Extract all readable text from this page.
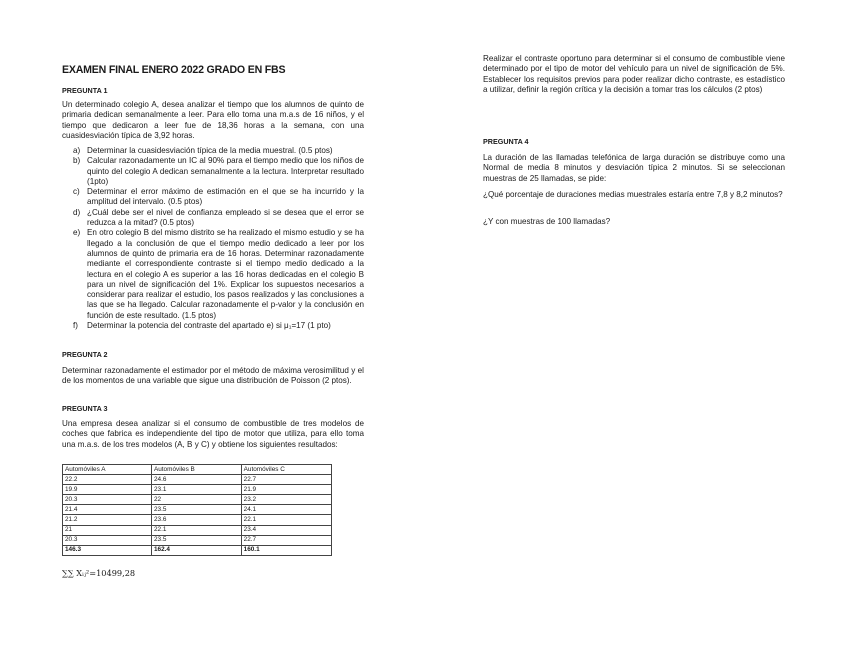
EXAMEN FINAL ENERO 2022 GRADO EN FBS
PREGUNTA 1
Un determinado colegio A, desea analizar el tiempo que los alumnos de quinto de primaria dedican semanalmente a leer. Para ello toma una m.a.s de 16 niños, y el tiempo que dedicaron a leer fue de 18,36 horas a la semana, con una cuasidesviación típica de 3,92 horas.
a) Determinar la cuasidesviación típica de la media muestral. (0.5 ptos)
b) Calcular razonadamente un IC al 90% para el tiempo medio que los niños de quinto del colegio A dedican semanalmente a la lectura. Interpretar resultado (1pto)
c) Determinar el error máximo de estimación en el que se ha incurrido y la amplitud del intervalo. (0.5 ptos)
d) ¿Cuál debe ser el nivel de confianza empleado si se desea que el error se reduzca a la mitad? (0.5 ptos)
e) En otro colegio B del mismo distrito se ha realizado el mismo estudio y se ha llegado a la conclusión de que el tiempo medio dedicado a leer por los alumnos de quinto de primaria era de 16 horas. Determinar razonadamente mediante el correspondiente contraste si el tiempo medio dedicado a la lectura en el colegio A es superior a las 16 horas dedicadas en el colegio B para un nivel de significación del 1%. Explicar los supuestos necesarios a considerar para realizar el estudio, los pasos realizados y las conclusiones a las que se ha llegado. Calcular razonadamente el p-valor y la conclusión en función de este resultado. (1.5 ptos)
f) Determinar la potencia del contraste del apartado e) si μ₁=17 (1 pto)
PREGUNTA 2
Determinar razonadamente el estimador por el método de máxima verosimilitud y el de los momentos de una variable que sigue una distribución de Poisson (2 ptos).
PREGUNTA 3
Una empresa desea analizar si el consumo de combustible de tres modelos de coches que fabrica es independiente del tipo de motor que utiliza, para ello toma una m.a.s. de los tres modelos (A, B y C) y obtiene los siguientes resultados:
Automóviles A	Automóviles B	Automóviles C
22.2	24.6	22.7
19.9	23.1	21.9
20.3	22	23.2
21.4	23.5	24.1
21.2	23.6	22.1
21	22.1	23.4
20.3	23.5	22.7
146.3	162.4	160.1
∑∑ Xᵢⱼ²=10499,28
Realizar el contraste oportuno para determinar si el consumo de combustible viene determinado por el tipo de motor del vehículo para un nivel de significación de 5%. Establecer los requisitos previos para poder realizar dicho contraste, es estadístico a utilizar, definir la región crítica y la decisión a tomar tras los cálculos (2 ptos)
PREGUNTA 4
La duración de las llamadas telefónica de larga duración se distribuye como una Normal de media 8 minutos y desviación típica 2 minutos. Si se seleccionan muestras de 25 llamadas, se pide:
¿Qué porcentaje de duraciones medias muestrales estaría entre 7,8 y 8,2 minutos?
¿Y con muestras de 100 llamadas?
